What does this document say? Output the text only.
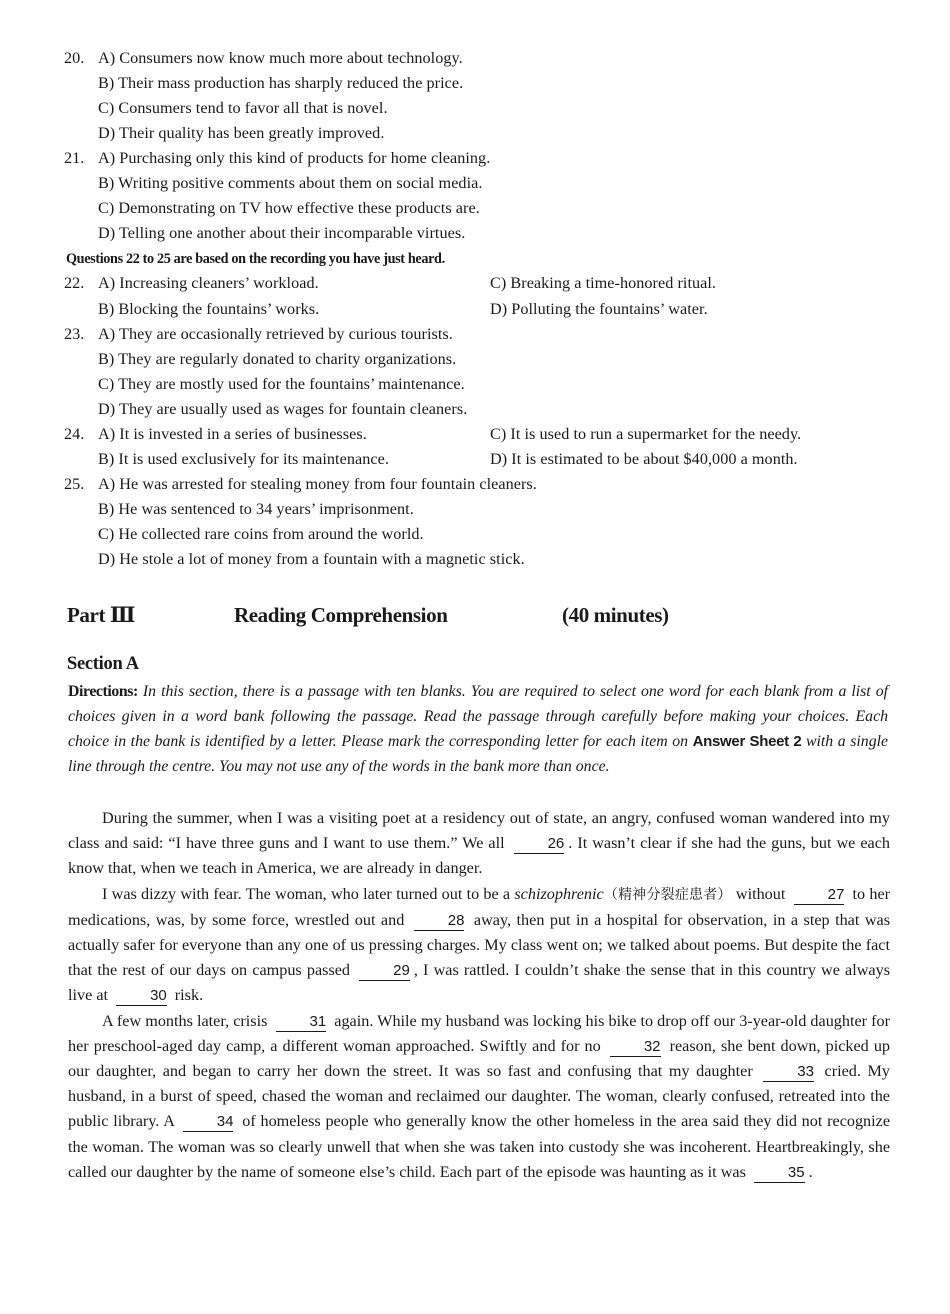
20. A) Consumers now know much more about technology.
B) Their mass production has sharply reduced the price.
C) Consumers tend to favor all that is novel.
D) Their quality has been greatly improved.
21. A) Purchasing only this kind of products for home cleaning.
B) Writing positive comments about them on social media.
C) Demonstrating on TV how effective these products are.
D) Telling one another about their incomparable virtues.
Questions 22 to 25 are based on the recording you have just heard.
22. A) Increasing cleaners’ workload.	C) Breaking a time-honored ritual.
B) Blocking the fountains’ works.	D) Polluting the fountains’ water.
23. A) They are occasionally retrieved by curious tourists.
B) They are regularly donated to charity organizations.
C) They are mostly used for the fountains’ maintenance.
D) They are usually used as wages for fountain cleaners.
24. A) It is invested in a series of businesses.	C) It is used to run a supermarket for the needy.
B) It is used exclusively for its maintenance.	D) It is estimated to be about $40,000 a month.
25. A) He was arrested for stealing money from four fountain cleaners.
B) He was sentenced to 34 years’ imprisonment.
C) He collected rare coins from around the world.
D) He stole a lot of money from a fountain with a magnetic stick.
Part Ⅲ	Reading Comprehension	(40 minutes)
Section A
Directions: In this section, there is a passage with ten blanks. You are required to select one word for each blank from a list of choices given in a word bank following the passage. Read the passage through carefully before making your choices. Each choice in the bank is identified by a letter. Please mark the corresponding letter for each item on Answer Sheet 2 with a single line through the centre. You may not use any of the words in the bank more than once.

During the summer, when I was a visiting poet at a residency out of state, an angry, confused woman wandered into my class and said: “I have three guns and I want to use them.” We all	26 . It wasn’t clear if she had the guns, but we each know that, when we teach in America, we are already in danger.

I was dizzy with fear. The woman, who later turned out to be a schizophrenic（精神分裂症患者） without	27 to her medications, was, by some force, wrestled out and	28 away, then put in a hospital for observation, in a step that was actually safer for everyone than any one of us pressing charges. My class went on; we talked about poems. But despite the fact that the rest of our days on campus passed	29 , I was rattled. I couldn’t shake the sense that in this country we always live at	30 risk.

A few months later, crisis	31 again. While my husband was locking his bike to drop off our 3-year-old daughter for her preschool-aged day camp, a different woman approached. Swiftly and for no	32 reason, she bent down, picked up our daughter, and began to carry her down the street. It was so fast and confusing that my daughter	33 cried. My husband, in a burst of speed, chased the woman and reclaimed our daughter. The woman, clearly confused, retreated into the public library. A	34 of homeless people who generally know the other homeless in the area said they did not recognize the woman. The woman was so clearly unwell that when she was taken into custody she was incoherent. Heartbreakingly, she called our daughter by the name of someone else’s child. Each part of the episode was haunting as it was	35 .
